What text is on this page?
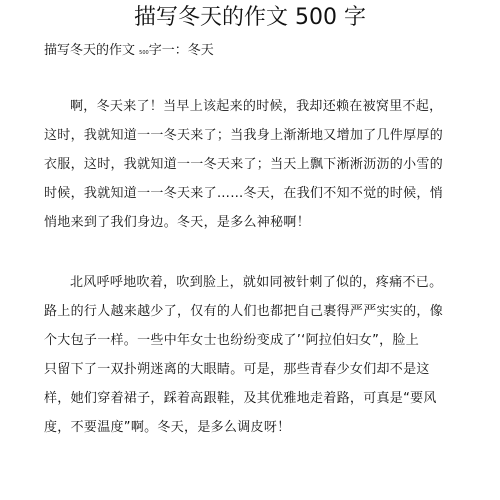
描写冬天的作文 500 字
描写冬天的作文 500字一：冬天
啊，冬天来了！当早上该起来的时候，我却还赖在被窝里不起，
这时，我就知道一一冬天来了；当我身上渐渐地又增加了几件厚厚的
衣服，这时，我就知道一一冬天来了；当天上飘下淅淅沥沥的小雪的
时候，我就知道一一冬天来了……冬天，在我们不知不觉的时候，悄
悄地来到了我们身边。冬天，是多么神秘啊！
北风呼呼地吹着，吹到脸上，就如同被针刺了似的，疼痛不已。
路上的行人越来越少了，仅有的人们也都把自己裹得严严实实的，像
个大包子一样。一些中年女士也纷纷变成了’‘阿拉伯妇女”，脸上
只留下了一双扑朔迷离的大眼睛。可是，那些青春少女们却不是这
样，她们穿着裙子，踩着高跟鞋，及其优雅地走着路，可真是“要风
度，不要温度”啊。冬天，是多么调皮呀！
